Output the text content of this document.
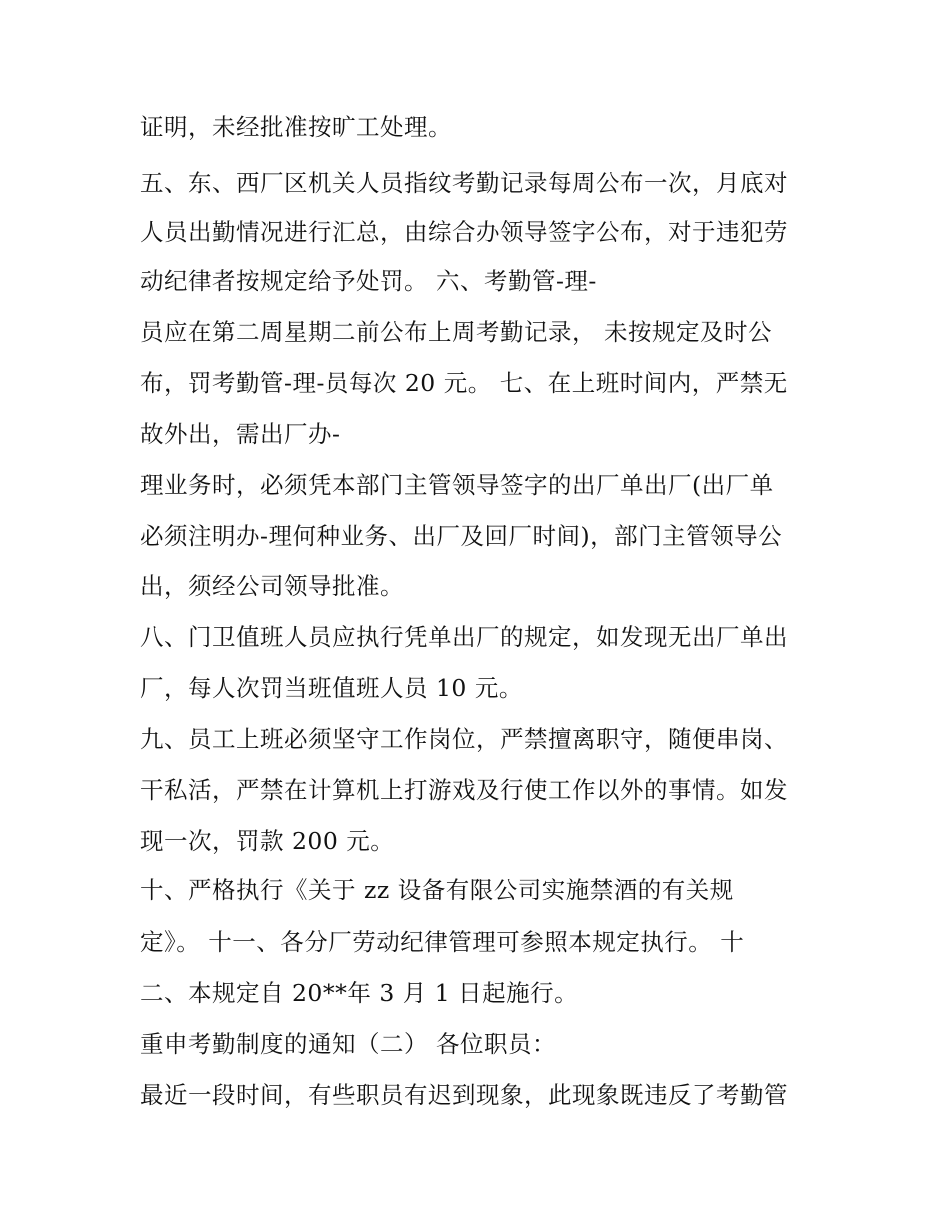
证明，未经批准按旷工处理。
五、东、西厂区机关人员指纹考勤记录每周公布一次，月底对
人员出勤情况进行汇总，由综合办领导签字公布，对于违犯劳
动纪律者按规定给予处罚。 六、考勤管-理-
员应在第二周星期二前公布上周考勤记录， 未按规定及时公
布，罚考勤管-理-员每次 20 元。 七、在上班时间内，严禁无
故外出，需出厂办-
理业务时，必须凭本部门主管领导签字的出厂单出厂(出厂单
必须注明办-理何种业务、出厂及回厂时间)，部门主管领导公
出，须经公司领导批准。
八、门卫值班人员应执行凭单出厂的规定，如发现无出厂单出
厂，每人次罚当班值班人员 10 元。
九、员工上班必须坚守工作岗位，严禁擅离职守，随便串岗、
干私活，严禁在计算机上打游戏及行使工作以外的事情。如发
现一次，罚款 200 元。
十、严格执行《关于 zz 设备有限公司实施禁酒的有关规
定》。 十一、各分厂劳动纪律管理可参照本规定执行。 十
二、本规定自 20**年 3 月 1 日起施行。
重申考勤制度的通知（二） 各位职员：
最近一段时间，有些职员有迟到现象，此现象既违反了考勤管
